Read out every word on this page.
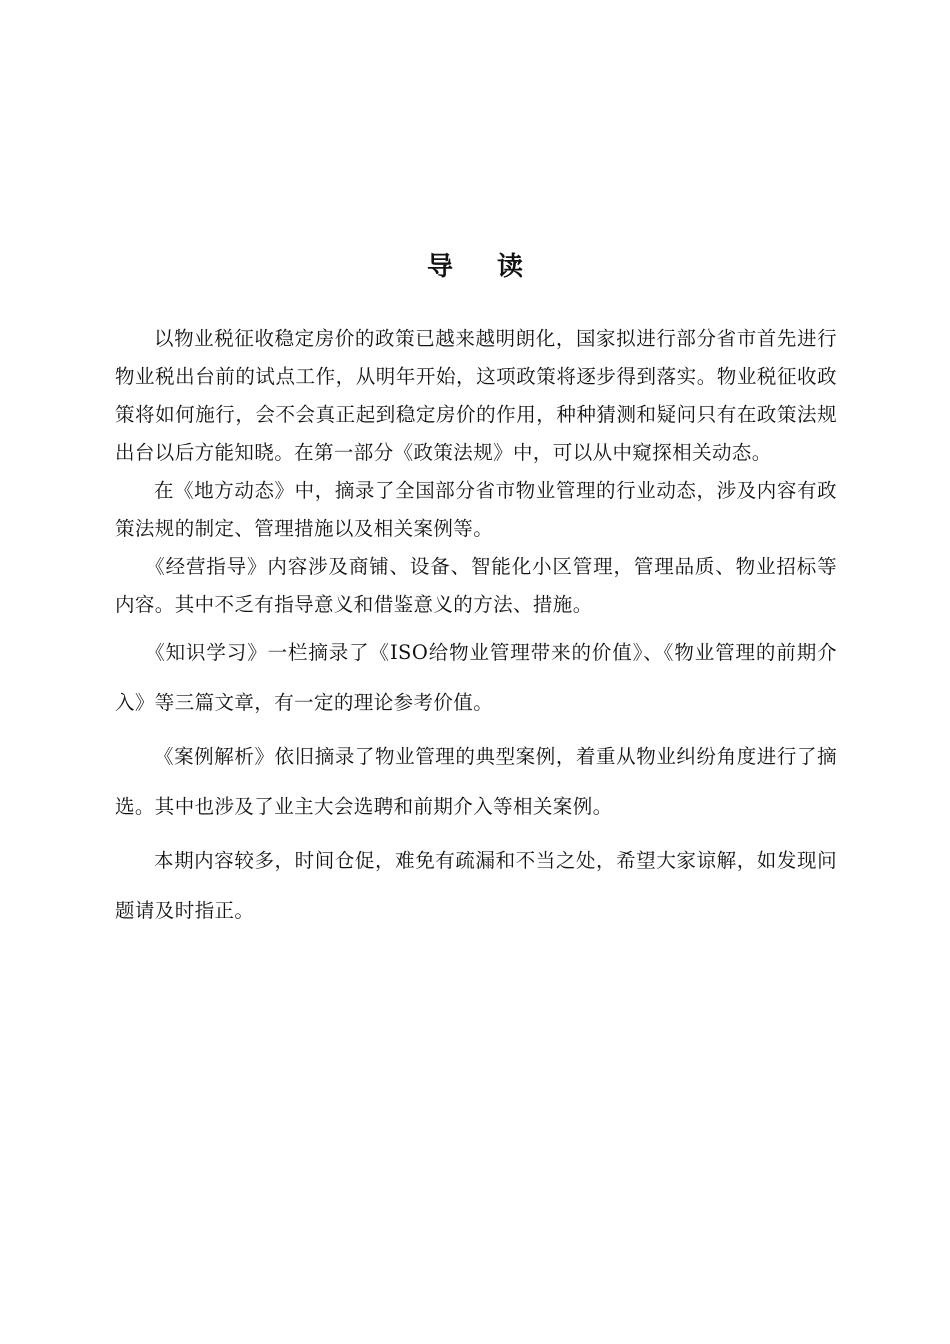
导 读

以物业税征收稳定房价的政策已越来越明朗化，国家拟进行部分省市首先进行物业税出台前的试点工作，从明年开始，这项政策将逐步得到落实。物业税征收政策将如何施行，会不会真正起到稳定房价的作用，种种猜测和疑问只有在政策法规出台以后方能知晓。在第一部分《政策法规》中，可以从中窥探相关动态。

在《地方动态》中，摘录了全国部分省市物业管理的行业动态，涉及内容有政策法规的制定、管理措施以及相关案例等。

《经营指导》内容涉及商铺、设备、智能化小区管理，管理品质、物业招标等内容。其中不乏有指导意义和借鉴意义的方法、措施。

《知识学习》一栏摘录了《ISO给物业管理带来的价值》、《物业管理的前期介入》等三篇文章，有一定的理论参考价值。

《案例解析》依旧摘录了物业管理的典型案例，着重从物业纠纷角度进行了摘选。其中也涉及了业主大会选聘和前期介入等相关案例。

本期内容较多，时间仓促，难免有疏漏和不当之处，希望大家谅解，如发现问题请及时指正。
